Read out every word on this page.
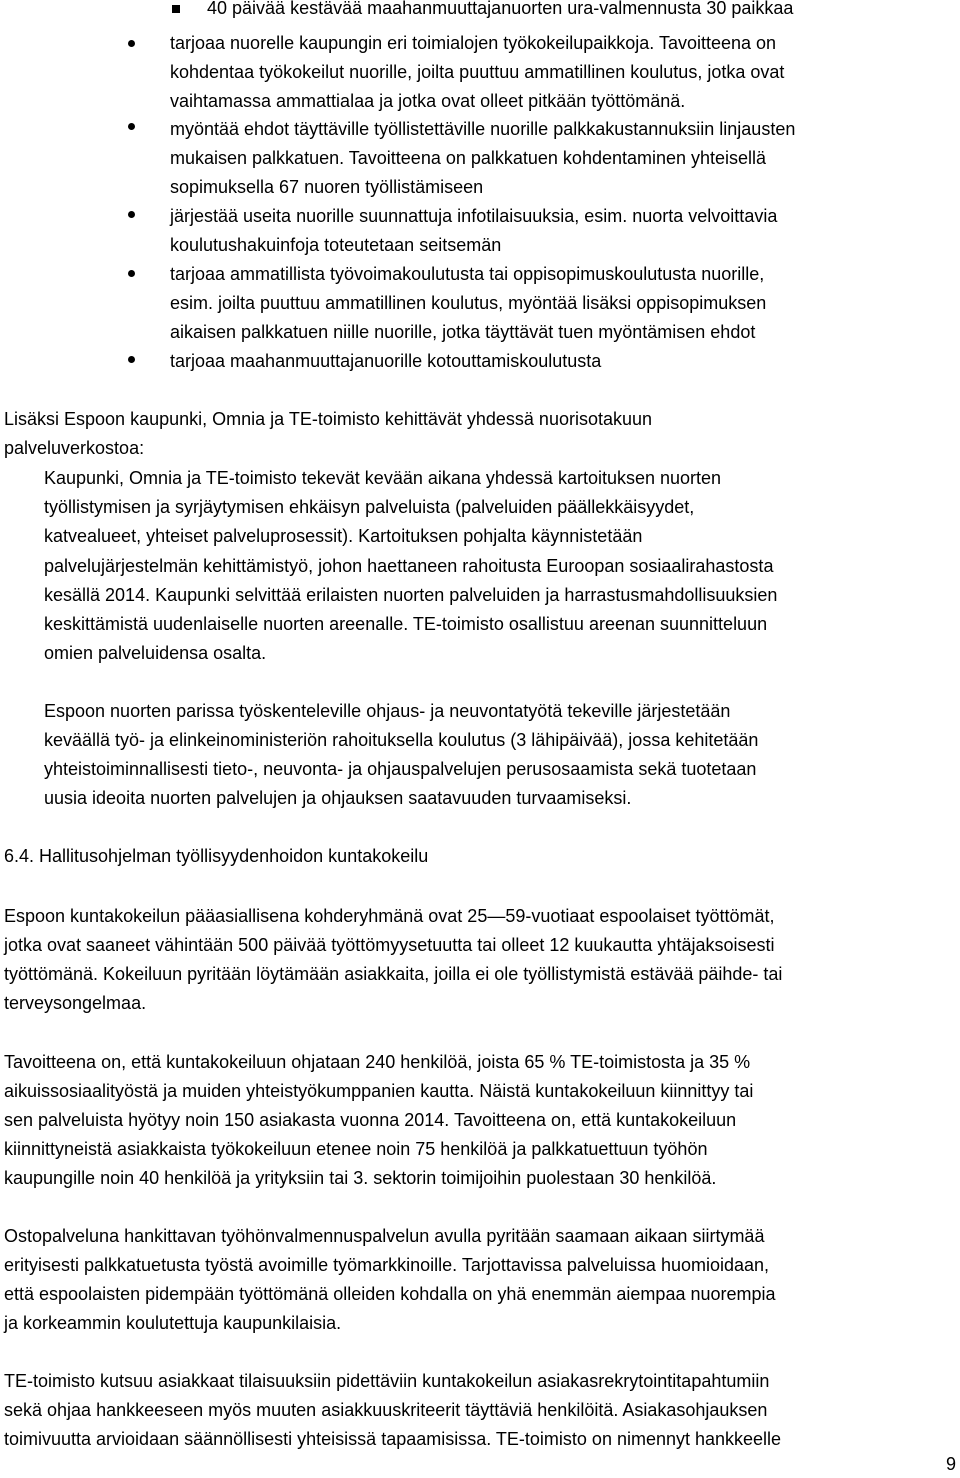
40 päivää kestävää maahanmuuttajanuorten ura-valmennusta 30 paikkaa
tarjoaa nuorelle kaupungin eri toimialojen työkokeilupaikkoja. Tavoitteena on
kohdentaa työkokeilut nuorille, joilta puuttuu ammatillinen koulutus, jotka ovat
vaihtamassa ammattialaa ja jotka ovat olleet pitkään työttömänä.
myöntää ehdot täyttäville työllistettäville nuorille palkkakustannuksiin linjausten
mukaisen palkkatuen. Tavoitteena on palkkatuen kohdentaminen yhteisellä
sopimuksella 67 nuoren työllistämiseen
järjestää useita nuorille suunnattuja infotilaisuuksia, esim. nuorta velvoittavia
koulutushakuinfoja toteutetaan seitsemän
tarjoaa ammatillista työvoimakoulutusta tai oppisopimuskoulutusta nuorille,
esim. joilta puuttuu ammatillinen koulutus, myöntää lisäksi oppisopimuksen
aikaisen palkkatuen niille nuorille, jotka täyttävät tuen myöntämisen ehdot
tarjoaa maahanmuuttajanuorille kotouttamiskoulutusta
Lisäksi Espoon kaupunki, Omnia ja TE-toimisto kehittävät yhdessä nuorisotakuun
palveluverkostoa:
Kaupunki, Omnia ja TE-toimisto tekevät kevään aikana yhdessä kartoituksen nuorten
työllistymisen ja syrjäytymisen ehkäisyn palveluista (palveluiden päällekkäisyydet,
katvealueet, yhteiset palveluprosessit). Kartoituksen pohjalta käynnistetään
palvelujärjestelmän kehittämistyö, johon haettaneen rahoitusta Euroopan sosiaalirahastosta
kesällä 2014. Kaupunki selvittää erilaisten nuorten palveluiden ja harrastusmahdollisuuksien
keskittämistä uudenlaiselle nuorten areenalle. TE-toimisto osallistuu areenan suunnitteluun
omien palveluidensa osalta.
Espoon nuorten parissa työskenteleville ohjaus- ja neuvontatyötä tekeville järjestetään
keväällä työ- ja elinkeinoministeriön rahoituksella koulutus (3 lähipäivää), jossa kehitetään
yhteistoiminnallisesti tieto-, neuvonta- ja ohjauspalvelujen perusosaamista sekä tuotetaan
uusia ideoita nuorten palvelujen ja ohjauksen saatavuuden turvaamiseksi.
6.4. Hallitusohjelman työllisyydenhoidon kuntakokeilu
Espoon kuntakokeilun pääasiallisena kohderyhmänä ovat 25—59-vuotiaat espoolaiset työttömät,
jotka ovat saaneet vähintään 500 päivää työttömyysetuutta tai olleet 12 kuukautta yhtäjaksoisesti
työttömänä. Kokeiluun pyritään löytämään asiakkaita, joilla ei ole työllistymistä estävää päihde- tai
terveysongelmaa.
Tavoitteena on, että kuntakokeiluun ohjataan 240 henkilöä, joista 65 % TE-toimistosta ja 35 %
aikuissosiaalityöstä ja muiden yhteistyökumppanien kautta. Näistä kuntakokeiluun kiinnittyy tai
sen palveluista hyötyy noin 150 asiakasta vuonna 2014. Tavoitteena on, että kuntakokeiluun
kiinnittyneistä asiakkaista työkokeiluun etenee noin 75 henkilöä ja palkkatuettuun työhön
kaupungille noin 40 henkilöä ja yrityksiin tai 3. sektorin toimijoihin puolestaan 30 henkilöä.
Ostopalveluna hankittavan työhönvalmennuspalvelun avulla pyritään saamaan aikaan siirtymää
erityisesti palkkatuetusta työstä avoimille työmarkkinoille. Tarjottavissa palveluissa huomioidaan,
että espoolaisten pidempään työttömänä olleiden kohdalla on yhä enemmän aiempaa nuorempia
ja korkeammin koulutettuja kaupunkilaisia.
TE-toimisto kutsuu asiakkaat tilaisuuksiin pidettäviin kuntakokeilun asiakasrekrytointitapahtumiin
sekä ohjaa hankkeeseen myös muuten asiakkuuskriteerit täyttäviä henkilöitä. Asiakasohjauksen
toimivuutta arvioidaan säännöllisesti yhteisissä tapaamisissa. TE-toimisto on nimennyt hankkeelle
9
